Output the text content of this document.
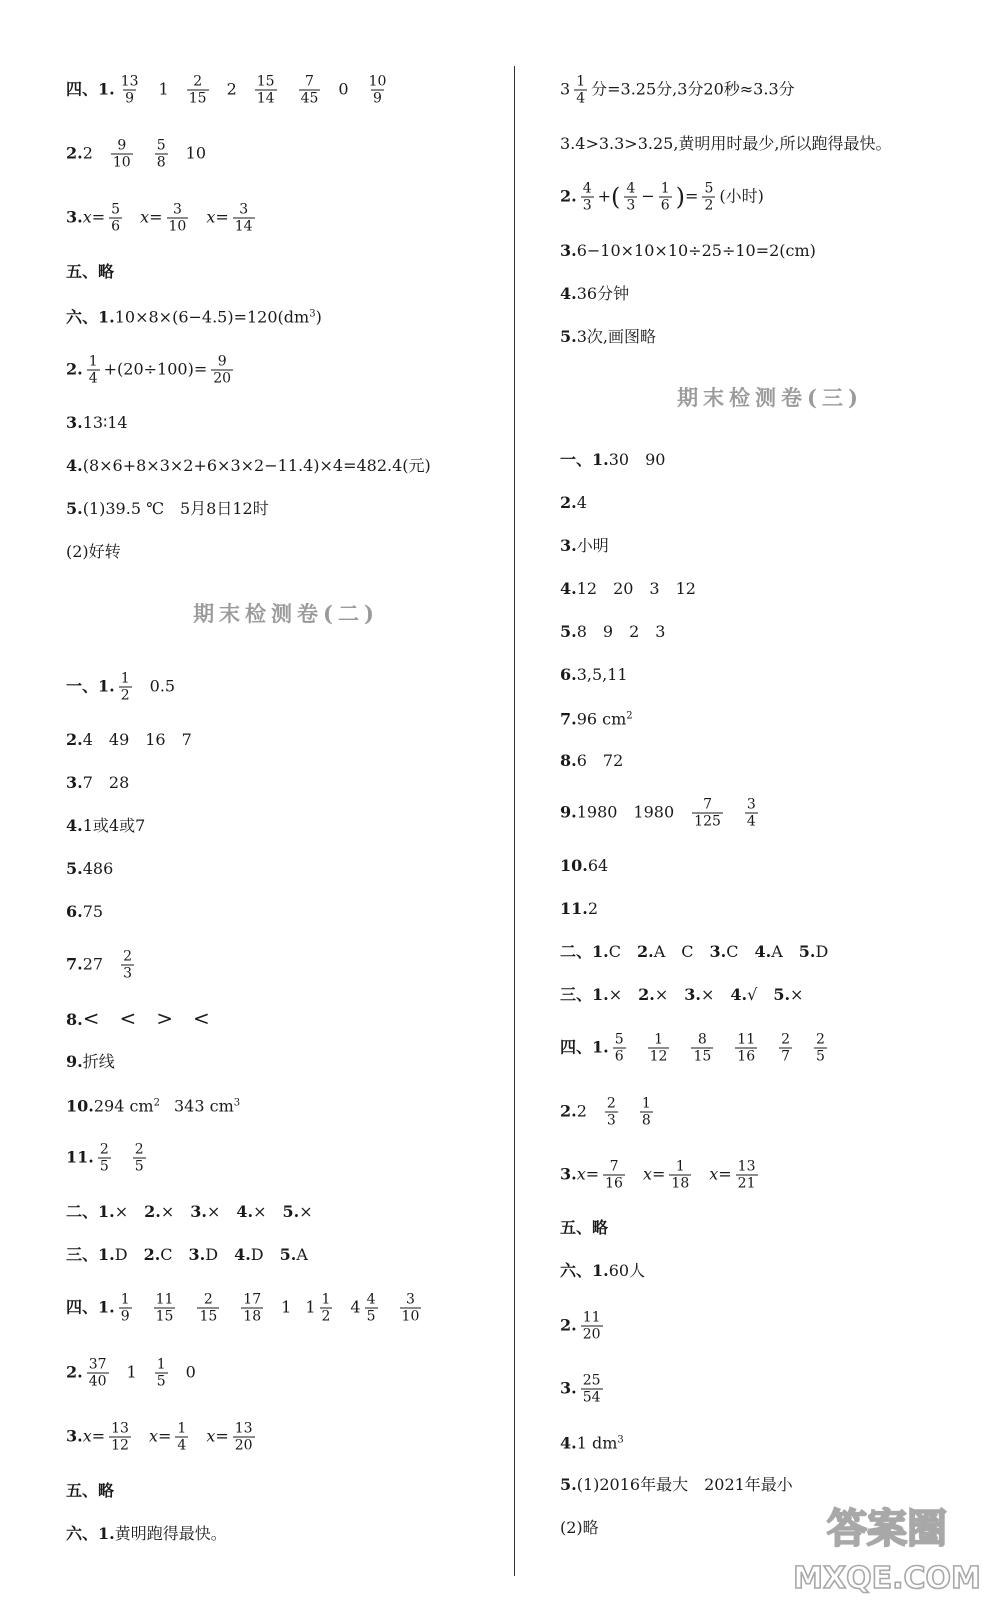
四、1. $\frac{13}{9} 1 \frac{2}{15} 2 \frac{15}{14} \frac{7}{45} 0 \frac{10}{9}$
$2.2 \frac{9}{10} \frac{5}{8} 10$
$3.x= \frac{5}{6} x= \frac{3}{10} x= \frac{3}{14}$
五、略
六、$1.10\times 8\times(6-4.5)=120(dm^3)$
2. $\frac{1}{4} +(20\div 100)= \frac{9}{20}$
3.13∶14
4.(8×6+8×3×2+6×3×2−11.4)×4=482.4(元)
5.(1)39.5 ℃　5月8日12时
(2)好转
期末检测卷(二)
一、1. $\frac{1}{2} 0.5$
2.4　49　16　7
3.7　28
4.1或4或7
5.486
6.75
$7.27 \frac{2}{3}$
8.<　<　>　<
9.折线
10.294 $cm^2$ 343 $cm^3$
11. $\frac{2}{5} \frac{2}{5}$
二、1.×　2.×　 3.×　 4.×　 5.×
三、1.D　 2.C　 3.D　 4.D　 5.A
四、1. $\frac{1}{9} \frac{11}{15} \frac{2}{15} \frac{17}{18} 1$ $1 \frac{1}{2} 4 \frac{4}{5} \frac{3}{10}$
2. $\frac{37}{40} 1 \frac{1}{5} 0$
$3.x= \frac{13}{12} x= \frac{1}{4} x= \frac{13}{20}$
五、略
六、1.黄明跑得最快。
$3 \frac{1}{4}$ 分=3.25分,3分20秒≈3.3分
3.4>3.3>3.25,黄明用时最少,所以跑得最快。
2. $\frac{4}{3}$ +( $\frac{4}{3} - \frac{1}{6}$ )= $\frac{5}{2}$ (小时)
3.6−10×10×10÷25÷10=2(cm)
4.36分钟
5.3次,画图略
期末检测卷(三)
一、1.30　90
2.4
3.小明
4.12　20　3　12
5.8　9　2　3
6.3,5,11
7.96 $cm^2$
8.6　72
9.1980　$1980 \frac{7}{125} \frac{3}{4}$
10.64
11.2
二、1.C　 2.A　C　 3.C　 4.A　 5.D
三、1.×　 2.×　 3.×　 4.√　 5.×
四、1. $\frac{5}{6} \frac{1}{12} \frac{8}{15} \frac{11}{16} \frac{2}{7} \frac{2}{5}$
$2.2 \frac{2}{3} \frac{1}{8}$
$3.x= \frac{7}{16} x= \frac{1}{18} x= \frac{13}{21}$
五、略
六、1.60人
2. $\frac{11}{20}$
3. $\frac{25}{54}$
4.1 $dm^3$
5.(1)2016年最大　2021年最小
(2)略	答案圈
MXQE.COM
